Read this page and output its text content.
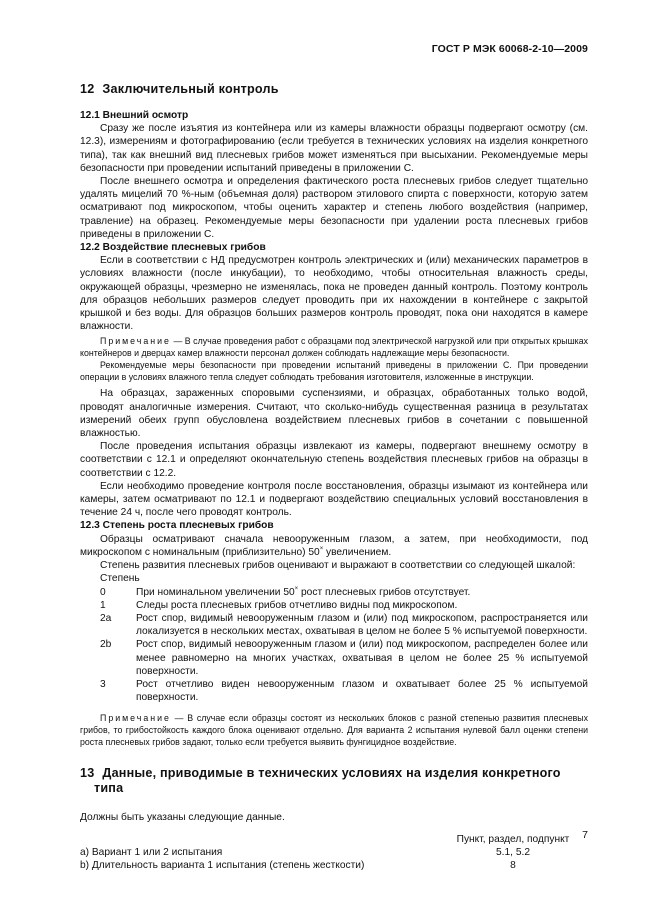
ГОСТ Р МЭК 60068-2-10—2009
12 Заключительный контроль
12.1 Внешний осмотр

Сразу же после изъятия из контейнера или из камеры влажности образцы подвергают осмотру (см. 12.3), измерениям и фотографированию (если требуется в технических условиях на изделия конкретного типа), так как внешний вид плесневых грибов может изменяться при высыхании. Рекомендуемые меры безопасности при проведении испытаний приведены в приложении С.

После внешнего осмотра и определения фактического роста плесневых грибов следует тщательно удалять мицелий 70 %-ным (объемная доля) раствором этилового спирта с поверхности, которую затем осматривают под микроскопом, чтобы оценить характер и степень любого воздействия (например, травление) на образец. Рекомендуемые меры безопасности при удалении роста плесневых грибов приведены в приложении С.

12.2 Воздействие плесневых грибов

Если в соответствии с НД предусмотрен контроль электрических и (или) механических параметров в условиях влажности (после инкубации), то необходимо, чтобы относительная влажность среды, окружающей образцы, чрезмерно не изменялась, пока не проведен данный контроль. Поэтому контроль для образцов небольших размеров следует проводить при их нахождении в контейнере с закрытой крышкой и без воды. Для образцов больших размеров контроль проводят, пока они находятся в камере влажности.

Примечание — В случае проведения работ с образцами под электрической нагрузкой или при открытых крышках контейнеров и дверцах камер влажности персонал должен соблюдать надлежащие меры безопасности.
Рекомендуемые меры безопасности при проведении испытаний приведены в приложении С. При проведении операции в условиях влажного тепла следует соблюдать требования изготовителя, изложенные в инструкции.

На образцах, зараженных споровыми суспензиями, и образцах, обработанных только водой, проводят аналогичные измерения. Считают, что сколько-нибудь существенная разница в результатах измерений обеих групп обусловлена воздействием плесневых грибов в сочетании с повышенной влажностью.

После проведения испытания образцы извлекают из камеры, подвергают внешнему осмотру в соответствии с 12.1 и определяют окончательную степень воздействия плесневых грибов на образцы в соответствии с 12.2.

Если необходимо проведение контроля после восстановления, образцы изымают из контейнера или камеры, затем осматривают по 12.1 и подвергают воздействию специальных условий восстановления в течение 24 ч, после чего проводят контроль.

12.3 Степень роста плесневых грибов

Образцы осматривают сначала невооруженным глазом, а затем, при необходимости, под микроскопом с номинальным (приблизительно) 50× увеличением.

Степень развития плесневых грибов оценивают и выражают в соответствии со следующей шкалой:

Степень
0	При номинальном увеличении 50× рост плесневых грибов отсутствует.
1	Следы роста плесневых грибов отчетливо видны под микроскопом.
2a	Рост спор, видимый невооруженным глазом и (или) под микроскопом, распространяется или локализуется в нескольких местах, охватывая в целом не более 5 % испытуемой поверхности.
2b	Рост спор, видимый невооруженным глазом и (или) под микроскопом, распределен более или менее равномерно на многих участках, охватывая в целом не более 25 % испытуемой поверхности.
3	Рост отчетливо виден невооруженным глазом и охватывает более 25 % испытуемой поверхности.
Примечание — В случае если образцы состоят из нескольких блоков с разной степенью развития плесневых грибов, то грибостойкость каждого блока оценивают отдельно. Для варианта 2 испытания нулевой балл оценки степени роста плесневых грибов задают, только если требуется выявить фунгицидное воздействие.
13 Данные, приводимые в технических условиях на изделия конкретного
типа
Должны быть указаны следующие данные.
	Пункт, раздел, подпункт
a) Вариант 1 или 2 испытания	5.1, 5.2
b) Длительность варианта 1 испытания (степень жесткости)	8
7
